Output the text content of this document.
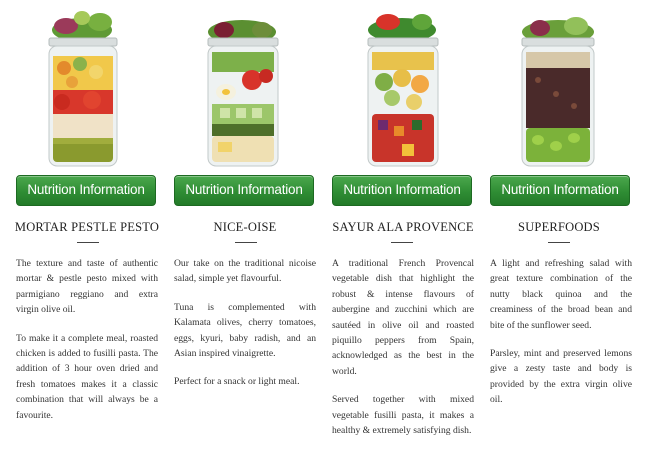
Nutrition Information
MORTAR PESTLE PESTO

The texture and taste of authentic mortar & pestle pesto mixed with parmigiano reggiano and extra virgin olive oil.

To make it a complete meal, roasted chicken is added to fusilli pasta. The addition of 3 hour oven dried and fresh tomatoes makes it a classic combination that will always be a favourite.

Nutrition Information
NICE-OISE

Our take on the traditional nicoise salad, simple yet flavourful.

Tuna is complemented with Kalamata olives, cherry tomatoes, eggs, kyuri, baby radish, and an Asian inspired vinaigrette.

Perfect for a snack or light meal.

Nutrition Information
SAYUR ALA PROVENCE

A traditional French Provencal vegetable dish that highlight the robust & intense flavours of aubergine and zucchini which are sautéed in olive oil and roasted piquillo peppers from Spain, acknowledged as the best in the world.

Served together with mixed vegetable fusilli pasta, it makes a healthy & extremely satisfying dish.

Nutrition Information
SUPERFOODS

A light and refreshing salad with great texture combination of the nutty black quinoa and the creaminess of the broad bean and bite of the sunflower seed.

Parsley, mint and preserved lemons give a zesty taste and body is provided by the extra virgin olive oil.
